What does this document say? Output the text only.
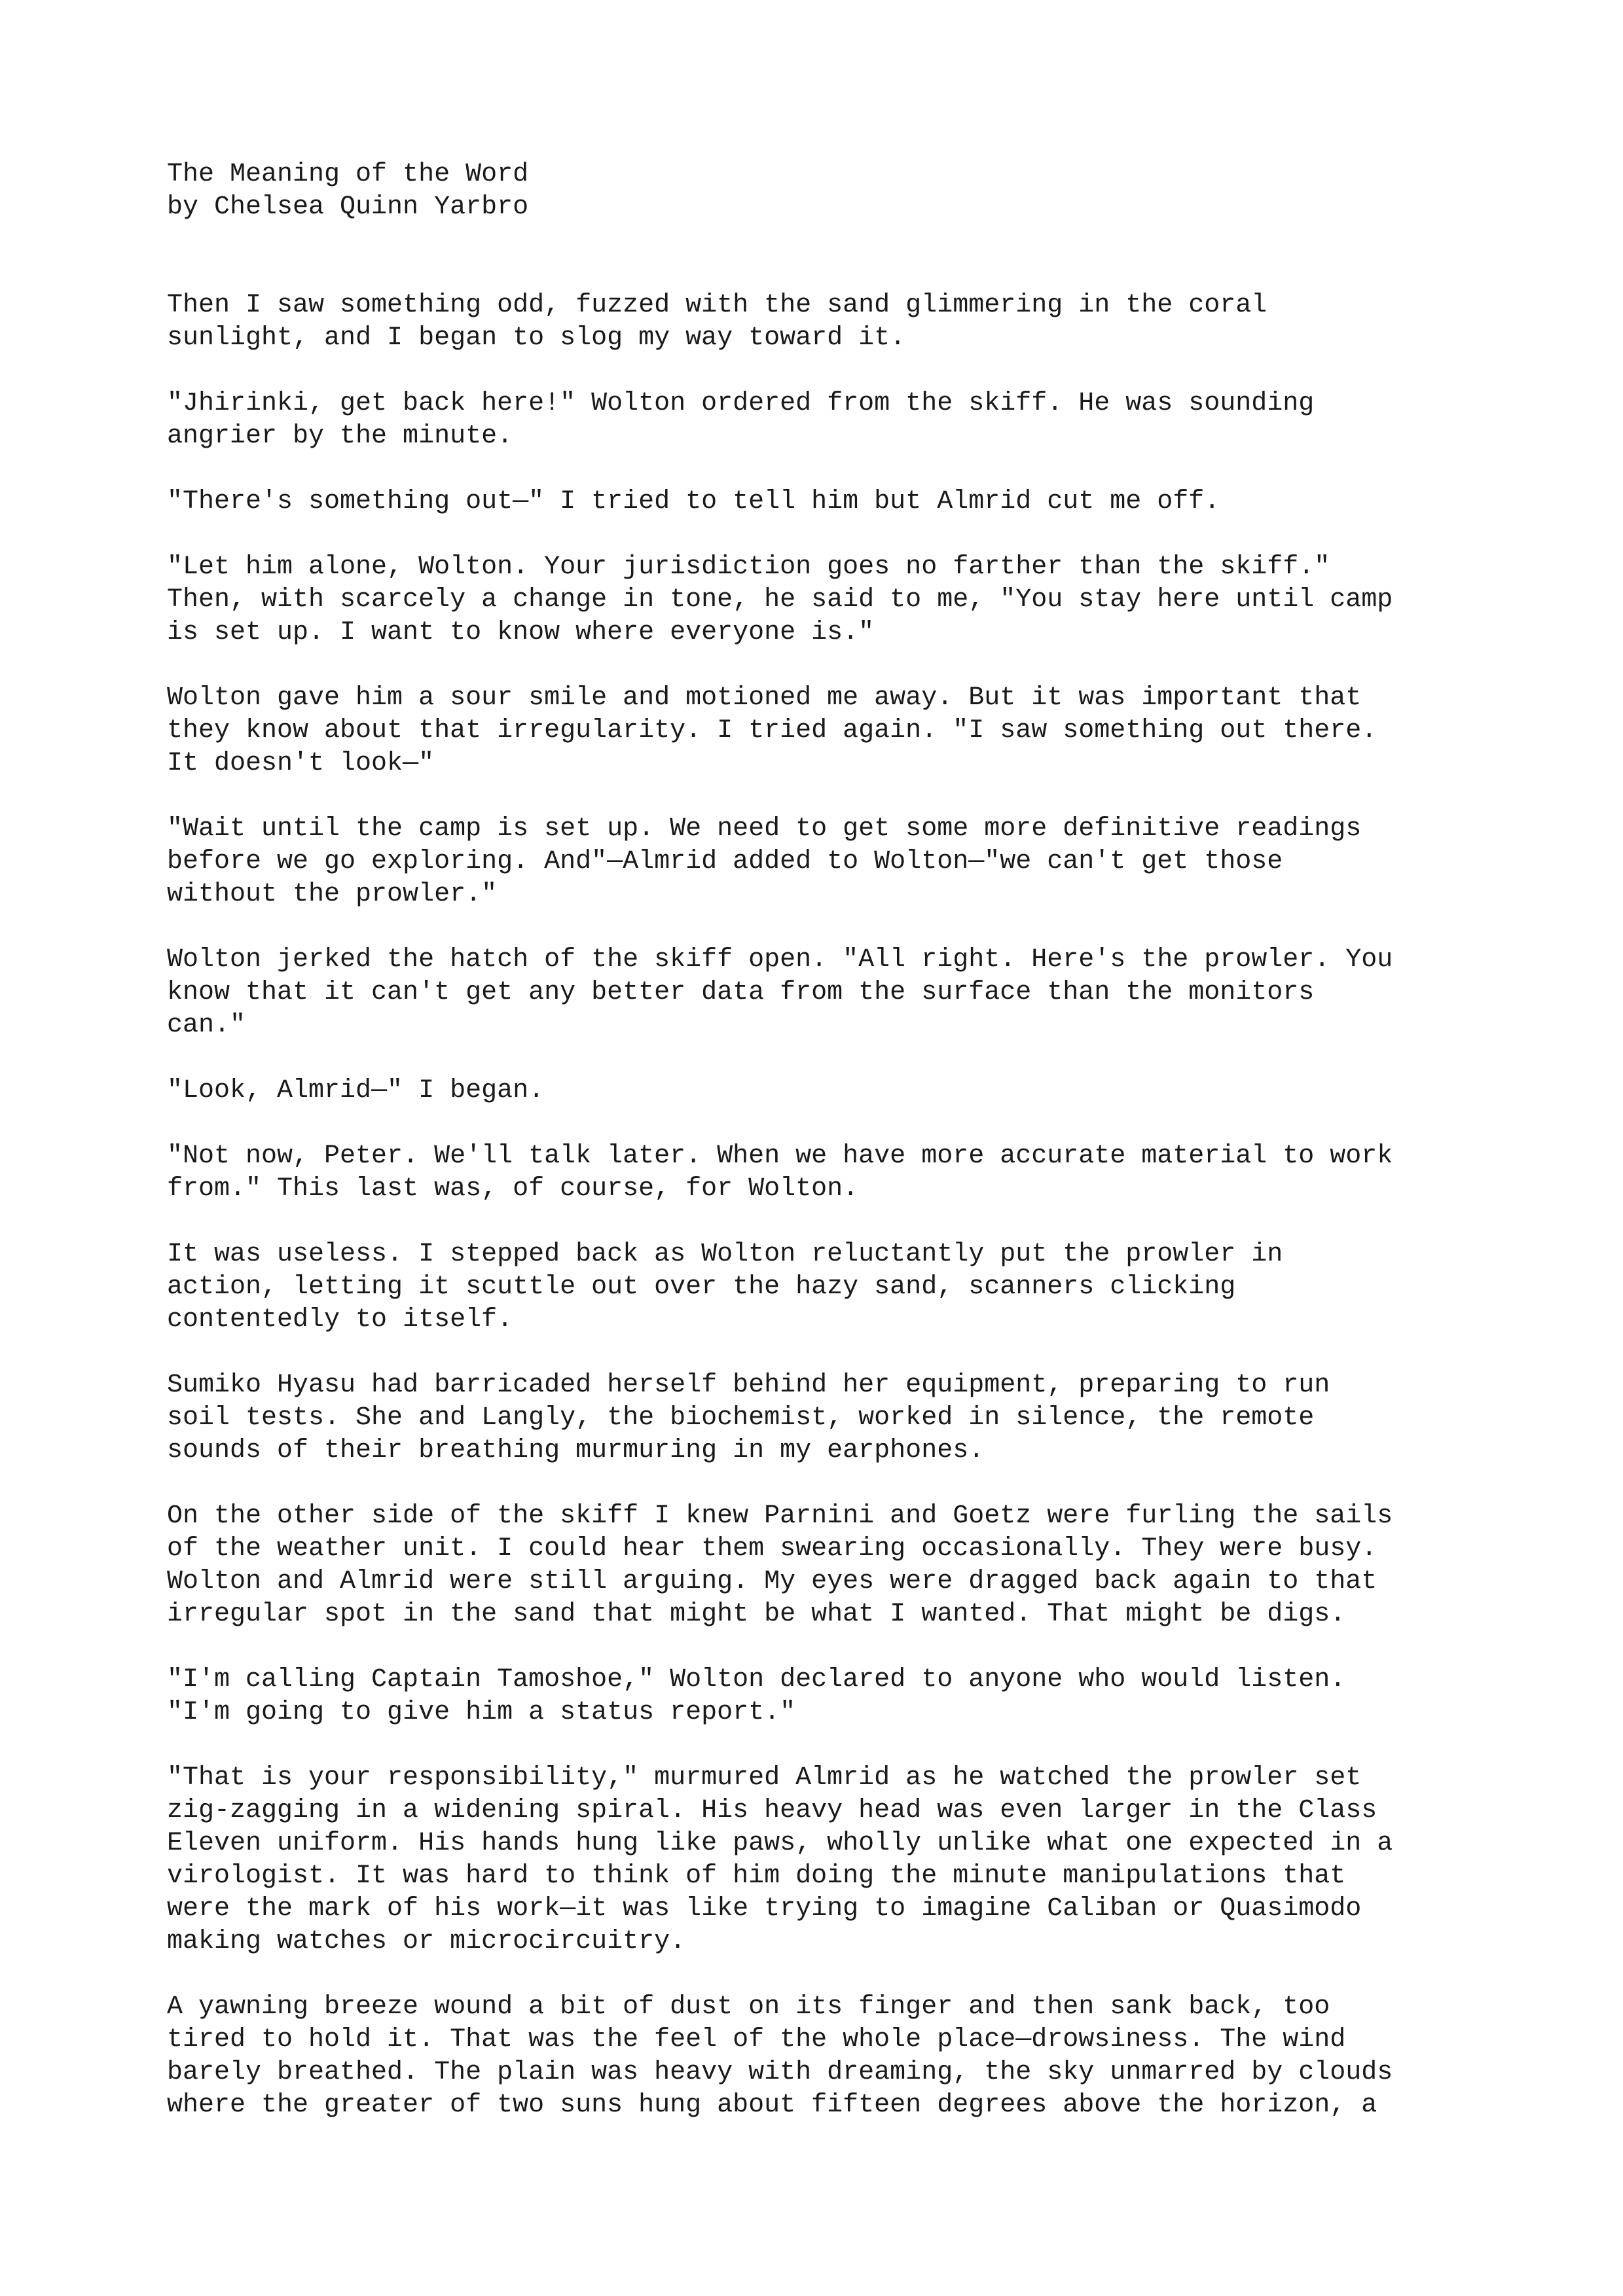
The Meaning of the Word
by Chelsea Quinn Yarbro
Then I saw something odd, fuzzed with the sand glimmering in the coral
sunlight, and I began to slog my way toward it.
"Jhirinki, get back here!" Wolton ordered from the skiff. He was sounding
angrier by the minute.
"There's something out—" I tried to tell him but Almrid cut me off.
"Let him alone, Wolton. Your jurisdiction goes no farther than the skiff."
Then, with scarcely a change in tone, he said to me, "You stay here until camp
is set up. I want to know where everyone is."
Wolton gave him a sour smile and motioned me away. But it was important that
they know about that irregularity. I tried again. "I saw something out there.
It doesn't look—"
"Wait until the camp is set up. We need to get some more definitive readings
before we go exploring. And"—Almrid added to Wolton—"we can't get those
without the prowler."
Wolton jerked the hatch of the skiff open. "All right. Here's the prowler. You
know that it can't get any better data from the surface than the monitors
can."
"Look, Almrid—" I began.
"Not now, Peter. We'll talk later. When we have more accurate material to work
from." This last was, of course, for Wolton.
It was useless. I stepped back as Wolton reluctantly put the prowler in
action, letting it scuttle out over the hazy sand, scanners clicking
contentedly to itself.
Sumiko Hyasu had barricaded herself behind her equipment, preparing to run
soil tests. She and Langly, the biochemist, worked in silence, the remote
sounds of their breathing murmuring in my earphones.
On the other side of the skiff I knew Parnini and Goetz were furling the sails
of the weather unit. I could hear them swearing occasionally. They were busy.
Wolton and Almrid were still arguing. My eyes were dragged back again to that
irregular spot in the sand that might be what I wanted. That might be digs.
"I'm calling Captain Tamoshoe," Wolton declared to anyone who would listen.
"I'm going to give him a status report."
"That is your responsibility," murmured Almrid as he watched the prowler set
zig-zagging in a widening spiral. His heavy head was even larger in the Class
Eleven uniform. His hands hung like paws, wholly unlike what one expected in a
virologist. It was hard to think of him doing the minute manipulations that
were the mark of his work—it was like trying to imagine Caliban or Quasimodo
making watches or microcircuitry.
A yawning breeze wound a bit of dust on its finger and then sank back, too
tired to hold it. That was the feel of the whole place—drowsiness. The wind
barely breathed. The plain was heavy with dreaming, the sky unmarred by clouds
where the greater of two suns hung about fifteen degrees above the horizon, a
